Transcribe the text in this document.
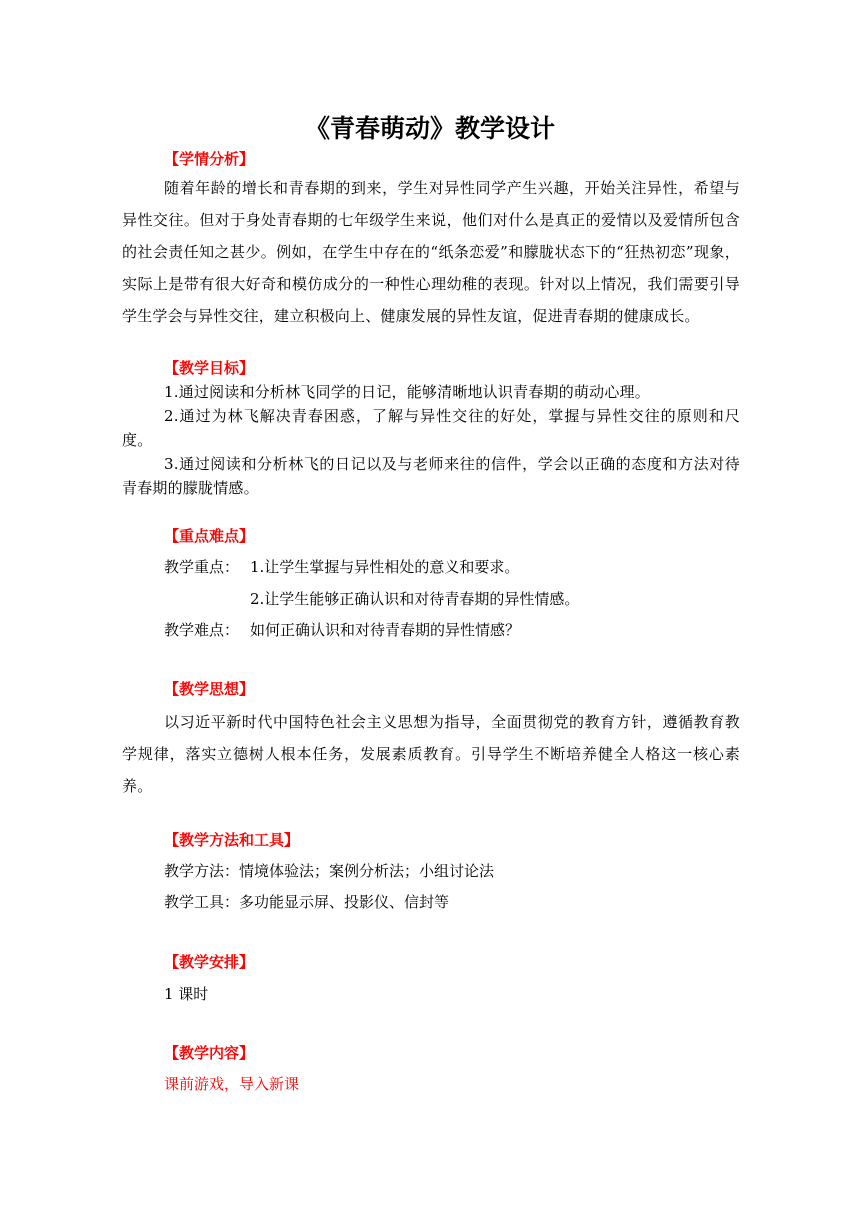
《青春萌动》教学设计
【学情分析】

随着年龄的增长和青春期的到来，学生对异性同学产生兴趣，开始关注异性，希望与异性交往。但对于身处青春期的七年级学生来说，他们对什么是真正的爱情以及爱情所包含的社会责任知之甚少。例如，在学生中存在的“纸条恋爱”和朦胧状态下的“狂热初恋”现象，实际上是带有很大好奇和模仿成分的一种性心理幼稚的表现。针对以上情况，我们需要引导学生学会与异性交往，建立积极向上、健康发展的异性友谊，促进青春期的健康成长。

【教学目标】

1.通过阅读和分析林飞同学的日记，能够清晰地认识青春期的萌动心理。

2.通过为林飞解决青春困惑，了解与异性交往的好处，掌握与异性交往的原则和尺度。

3.通过阅读和分析林飞的日记以及与老师来往的信件，学会以正确的态度和方法对待青春期的朦胧情感。

【重点难点】
教学重点： 1.让学生掌握与异性相处的意义和要求。
2.让学生能够正确认识和对待青春期的异性情感。
教学难点： 如何正确认识和对待青春期的异性情感？
【教学思想】

以习近平新时代中国特色社会主义思想为指导，全面贯彻党的教育方针，遵循教育教学规律，落实立德树人根本任务，发展素质教育。引导学生不断培养健全人格这一核心素养。

【教学方法和工具】
教学方法：情境体验法；案例分析法；小组讨论法
教学工具：多功能显示屏、投影仪、信封等
【教学安排】
1 课时
【教学内容】
课前游戏，导入新课
